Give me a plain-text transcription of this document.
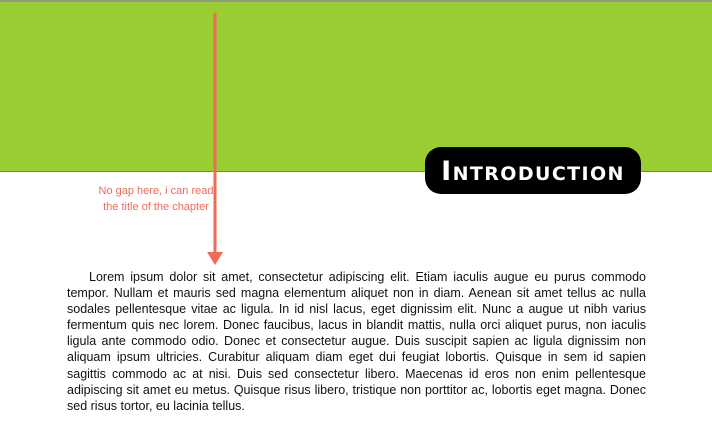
Introduction
No gap here, i can read the title of the chapter

Lorem ipsum dolor sit amet, consectetur adipiscing elit. Etiam iaculis augue eu purus commodo tempor. Nullam et mauris sed magna elementum aliquet non in diam. Aenean sit amet tellus ac nulla sodales pellentesque vitae ac ligula. In id nisl lacus, eget dignissim elit. Nunc a augue ut nibh varius fermentum quis nec lorem. Donec faucibus, lacus in blandit mattis, nulla orci aliquet purus, non iaculis ligula ante commodo odio. Donec et consectetur augue. Duis suscipit sapien ac ligula dignissim non aliquam ipsum ultricies. Curabitur aliquam diam eget dui feugiat lobortis. Quisque in sem id sapien sagittis commodo ac at nisi. Duis sed consectetur libero. Maecenas id eros non enim pellentesque adipiscing sit amet eu metus. Quisque risus libero, tristique non porttitor ac, lobortis eget magna. Donec sed risus tortor, eu lacinia tellus.
